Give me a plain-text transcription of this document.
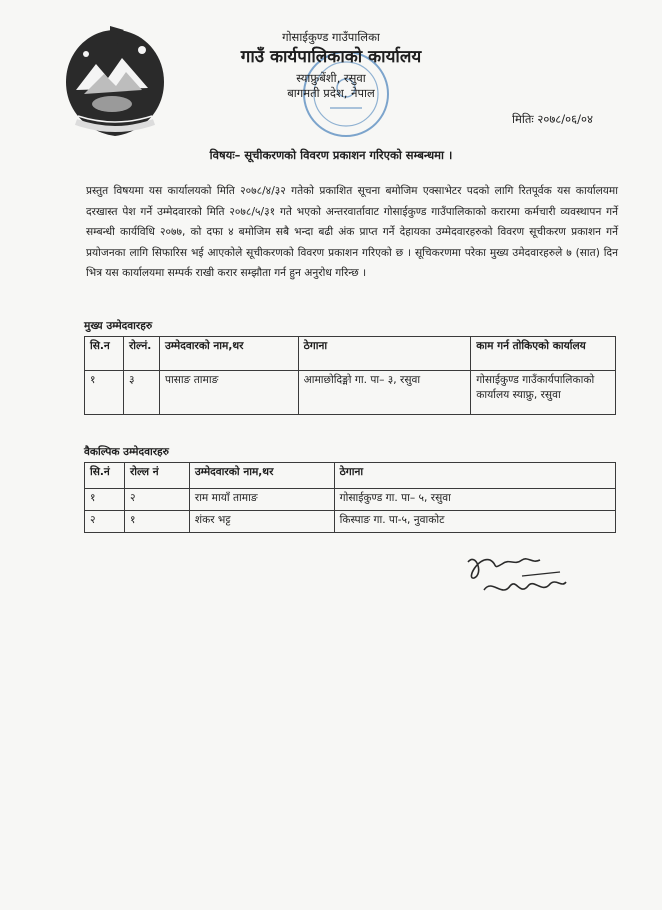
गोसाईकुण्ड गाउँपालिका
गाउँ कार्यपालिकाको कार्यालय
स्याफ्रुबेंशी, रसुवा
बागमती प्रदेश, नेपाल
मितिः २०७८/०६/०४
विषयः– सूचीकरणको विवरण प्रकाशन गरिएको सम्बन्धमा ।
प्रस्तुत विषयमा यस कार्यालयको मिति २०७८/४/३२ गतेको प्रकाशित सूचना बमोजिम एक्साभेटर पदको लागि रितपूर्वक यस कार्यालयमा दरखास्त पेश गर्ने उम्मेदवारको मिति २०७८/५/३१ गते भएको अन्तरवार्तावाट गोसाईकुण्ड गाउँपालिकाको करारमा कर्मचारी व्यवस्थापन गर्ने सम्बन्धी कार्यविधि २०७७, को दफा ४ बमोजिम सबै भन्दा बढी अंक प्राप्त गर्ने देहायका उम्मेदवारहरुको विवरण सूचीकरण प्रकाशन गर्ने प्रयोजनका लागि सिफारिस भई आएकोले सूचीकरणको विवरण प्रकाशन गरिएको छ । सूचिकरणमा परेका मुख्य उमेदवारहरुले ७ (सात) दिन भित्र यस कार्यालयमा सम्पर्क राखी करार सम्झौता गर्न हुन अनुरोध गरिन्छ ।
मुख्य उम्मेदवारहरु
सि.न	रोल्नं.	उम्मेदवारको नाम,थर	ठेगाना	काम गर्न तोकिएको कार्यालय
१	३	पासाङ तामाङ	आमाछोदिङ्मो गा. पा– ३, रसुवा	गोसाईकुण्ड गाउँकार्यपालिकाको कार्यालय स्याफ्रु, रसुवा
वैकल्पिक उम्मेदवारहरु
सि.नं	रोल्ल नं	उम्मेदवारको नाम,थर	ठेगाना
१	२	राम मायाँ तामाङ	गोसाईकुण्ड गा. पा– ५, रसुवा
२	१	शंकर भट्ट	किस्पाङ गा. पा-५, नुवाकोट
